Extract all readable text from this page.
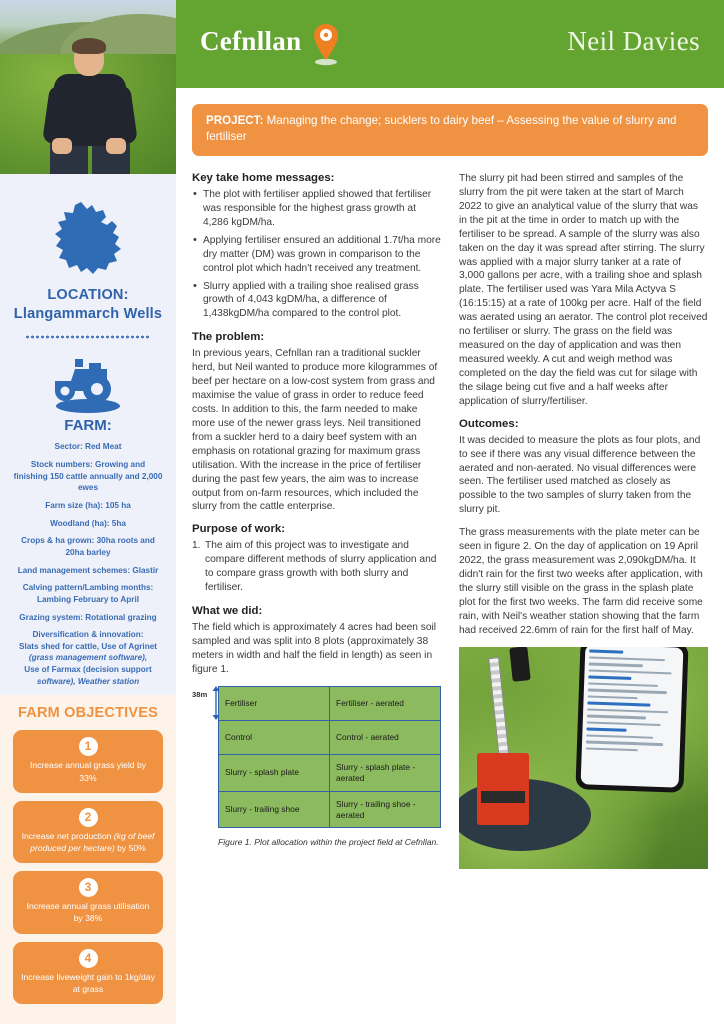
LOCATION:
Llangammarch Wells
FARM:
Sector: Red Meat
Stock numbers: Growing and finishing 150 cattle annually and 2,000 ewes
Farm size (ha): 105 ha
Woodland (ha): 5ha
Crops & ha grown: 30ha roots and 20ha barley
Land management schemes: Glastir
Calving pattern/Lambing months: Lambing February to April
Grazing system: Rotational grazing
Diversification & innovation:
Slats shed for cattle, Use of Agrinet
(grass management software),
Use of Farmax (decision support
software), Weather station
FARM OBJECTIVES
1
Increase annual grass yield by 33%
2
Increase net production (kg of beef produced per hectare) by 50%
3
Increase annual grass utilisation by 38%
4
Increase liveweight gain to 1kg/day at grass
Cefnllan	Neil Davies
PROJECT: Managing the change; sucklers to dairy beef – Assessing the value of slurry and fertiliser
Key take home messages:
• The plot with fertiliser applied showed that fertiliser was responsible for the highest grass growth at 4,286 kgDM/ha.
• Applying fertiliser ensured an additional 1.7t/ha more dry matter (DM) was grown in comparison to the control plot which hadn't received any treatment.
• Slurry applied with a trailing shoe realised grass growth of 4,043 kgDM/ha, a difference of 1,438kgDM/ha compared to the control plot.
The problem:

In previous years, Cefnllan ran a traditional suckler herd, but Neil wanted to produce more kilogrammes of beef per hectare on a low-cost system from grass and maximise the value of grass in order to reduce feed costs. In addition to this, the farm needed to make more use of the newer grass leys. Neil transitioned from a suckler herd to a dairy beef system with an emphasis on rotational grazing for maximum grass utilisation. With the increase in the price of fertiliser during the past few years, the aim was to increase output from on-farm resources, which included the slurry from the cattle enterprise.

Purpose of work:
1. The aim of this project was to investigate and compare different methods of slurry application and to compare grass growth with both slurry and fertiliser.
What we did:

The field which is approximately 4 acres had been soil sampled and was split into 8 plots (approximately 38 meters in width and half the field in length) as seen in figure 1.

38m
Fertiliser	Fertiliser - aerated
Control	Control - aerated
Slurry - splash plate	Slurry - splash plate - aerated
Slurry - trailing shoe	Slurry - trailing shoe - aerated
Figure 1. Plot allocation within the project field at Cefnllan.

The slurry pit had been stirred and samples of the slurry from the pit were taken at the start of March 2022 to give an analytical value of the slurry that was in the pit at the time in order to match up with the fertiliser to be spread. A sample of the slurry was also taken on the day it was spread after stirring. The slurry was applied with a major slurry tanker at a rate of 3,000 gallons per acre, with a trailing shoe and splash plate. The fertiliser used was Yara Mila Actyva S (16:15:15) at a rate of 100kg per acre. Half of the field was aerated using an aerator. The control plot received no fertiliser or slurry. The grass on the field was measured on the day of application and was then measured weekly. A cut and weigh method was completed on the day the field was cut for silage with the silage being cut five and a half weeks after application of slurry/fertiliser.

Outcomes:

It was decided to measure the plots as four plots, and to see if there was any visual difference between the aerated and non-aerated. No visual differences were seen. The fertiliser used matched as closely as possible to the two samples of slurry taken from the slurry pit.

The grass measurements with the plate meter can be seen in figure 2. On the day of application on 19 April 2022, the grass measurement was 2,090kgDM/ha. It didn't rain for the first two weeks after application, with the slurry still visible on the grass in the splash plate plot for the first two weeks. The farm did receive some rain, with Neil's weather station showing that the farm had received 22.6mm of rain for the first half of May.
